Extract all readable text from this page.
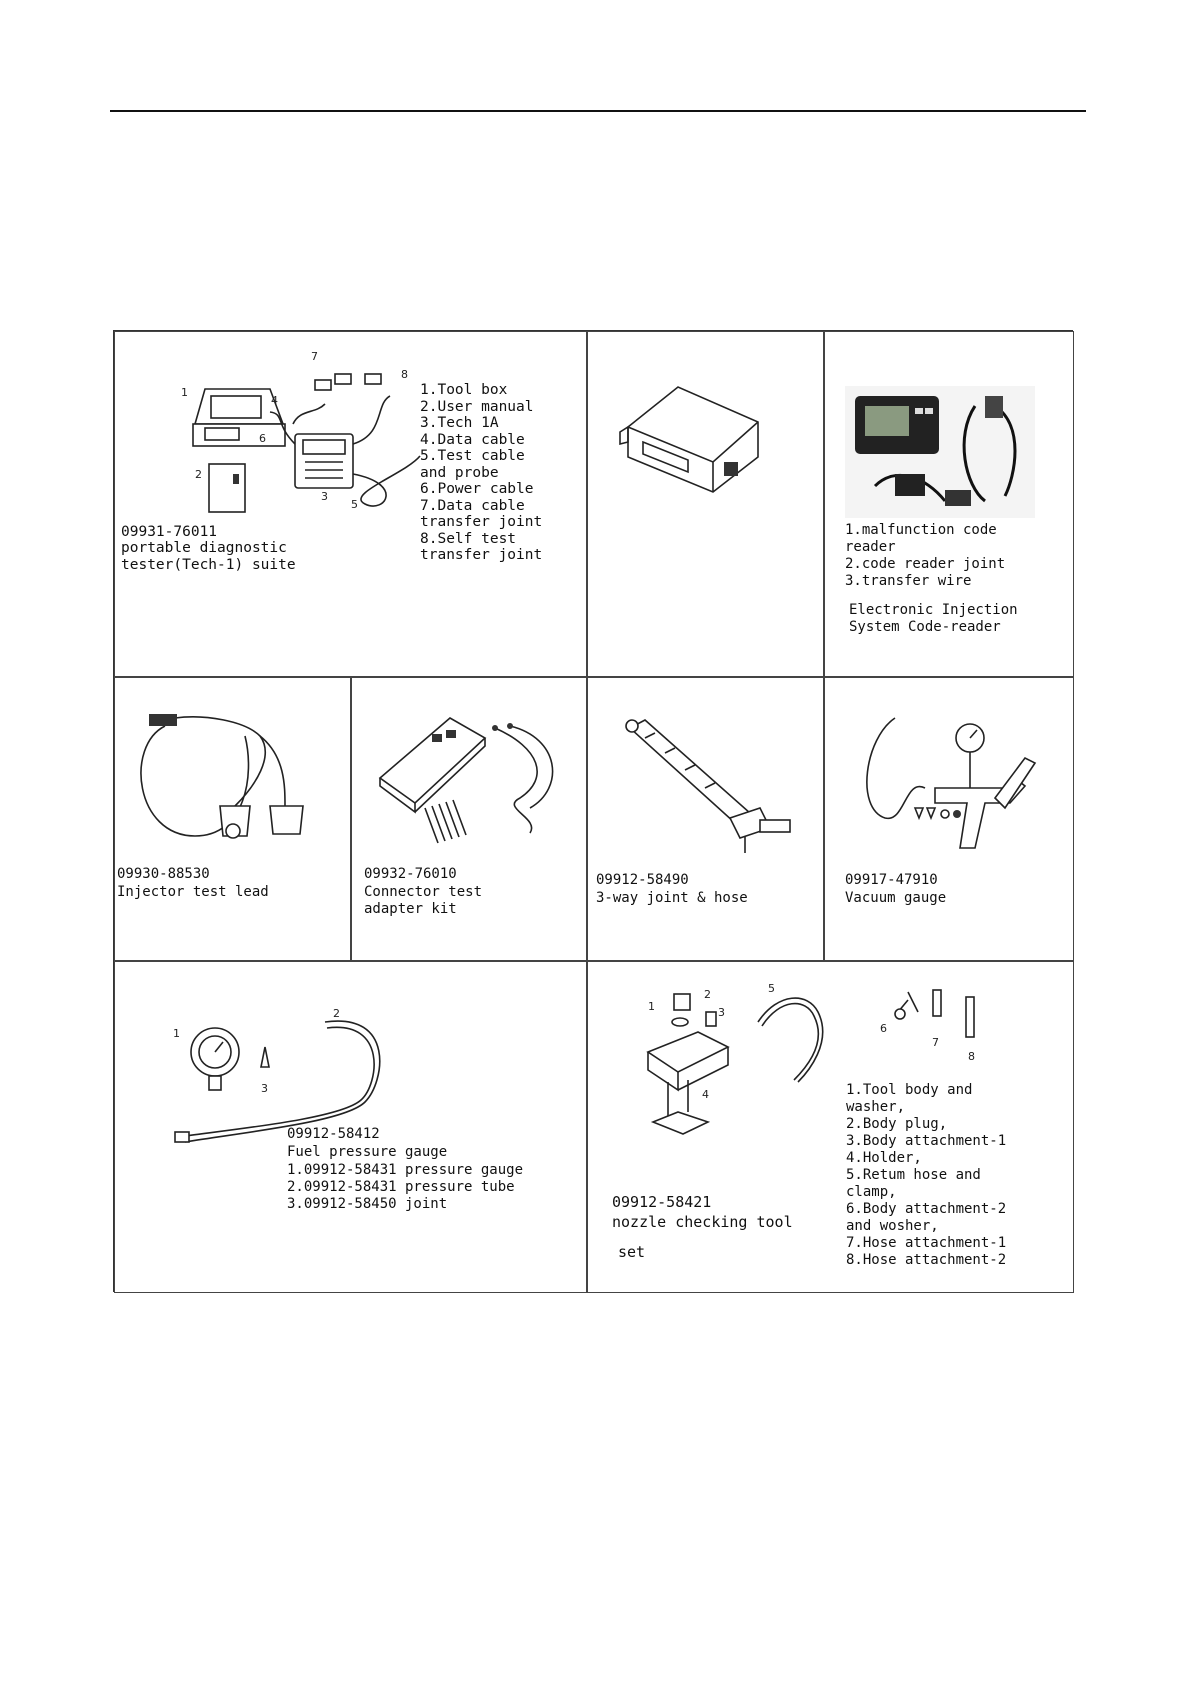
1
2
3
4
5
6
7
8
09931-76011
portable diagnostic
tester(Tech-1) suite
1.Tool box
2.User manual
3.Tech 1A
4.Data cable
5.Test cable
and probe
6.Power cable
7.Data cable
transfer joint
8.Self test
transfer joint
1.malfunction code
reader
2.code reader joint
3.transfer wire
Electronic Injection
System Code-reader
09930-88530
Injector test lead
09932-76010
Connector test
adapter kit
09912-58490
3-way joint & hose
09917-47910
Vacuum gauge
1
2
3
09912-58412
Fuel pressure gauge
1.09912-58431 pressure gauge
2.09912-58431 pressure tube
3.09912-58450 joint
1
2
3
4
5
6
7
8
09912-58421
nozzle checking tool
set
1.Tool body and
washer,
2.Body plug,
3.Body attachment-1
4.Holder,
5.Retum hose and
clamp,
6.Body attachment-2
and wosher,
7.Hose attachment-1
8.Hose attachment-2
